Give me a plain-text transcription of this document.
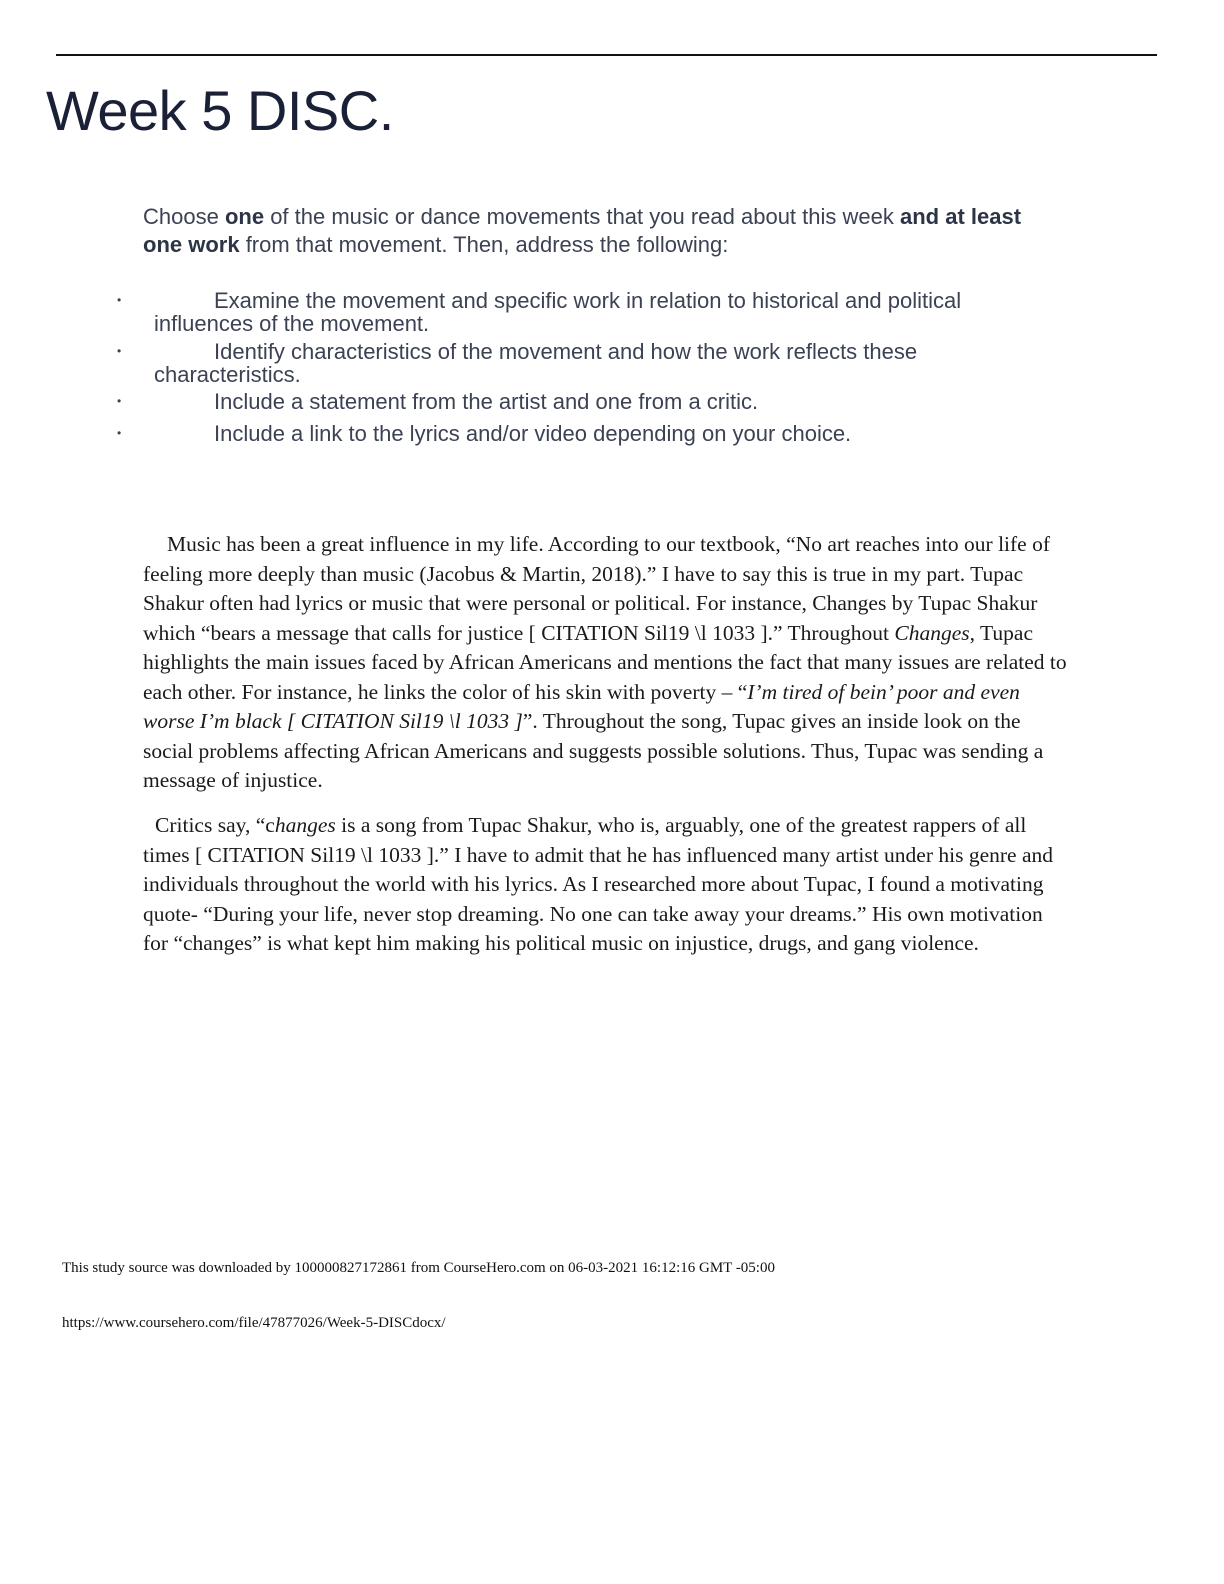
Week 5 DISC.

Choose one of the music or dance movements that you read about this week and at least one work from that movement. Then, address the following:

•	Examine the movement and specific work in relation to historical and political
influences of the movement.
•	Identify characteristics of the movement and how the work reflects these
characteristics.
•	Include a statement from the artist and one from a critic.
•	Include a link to the lyrics and/or video depending on your choice.

Music has been a great influence in my life. According to our textbook, “No art reaches into our life of feeling more deeply than music (Jacobus & Martin, 2018).” I have to say this is true in my part. Tupac Shakur often had lyrics or music that were personal or political. For instance, Changes by Tupac Shakur which “bears a message that calls for justice [ CITATION Sil19 \l 1033 ].” Throughout Changes, Tupac highlights the main issues faced by African Americans and mentions the fact that many issues are related to each other. For instance, he links the color of his skin with poverty – “I’m tired of bein’ poor and even worse I’m black [ CITATION Sil19 \l 1033 ]”. Throughout the song, Tupac gives an inside look on the social problems affecting African Americans and suggests possible solutions. Thus, Tupac was sending a message of injustice.

Critics say, “changes is a song from Tupac Shakur, who is, arguably, one of the greatest rappers of all times [ CITATION Sil19 \l 1033 ].” I have to admit that he has influenced many artist under his genre and individuals throughout the world with his lyrics. As I researched more about Tupac, I found a motivating quote- “During your life, never stop dreaming. No one can take away your dreams.” His own motivation for “changes” is what kept him making his political music on injustice, drugs, and gang violence.

This study source was downloaded by 100000827172861 from CourseHero.com on 06-03-2021 16:12:16 GMT -05:00

https://www.coursehero.com/file/47877026/Week-5-DISCdocx/
